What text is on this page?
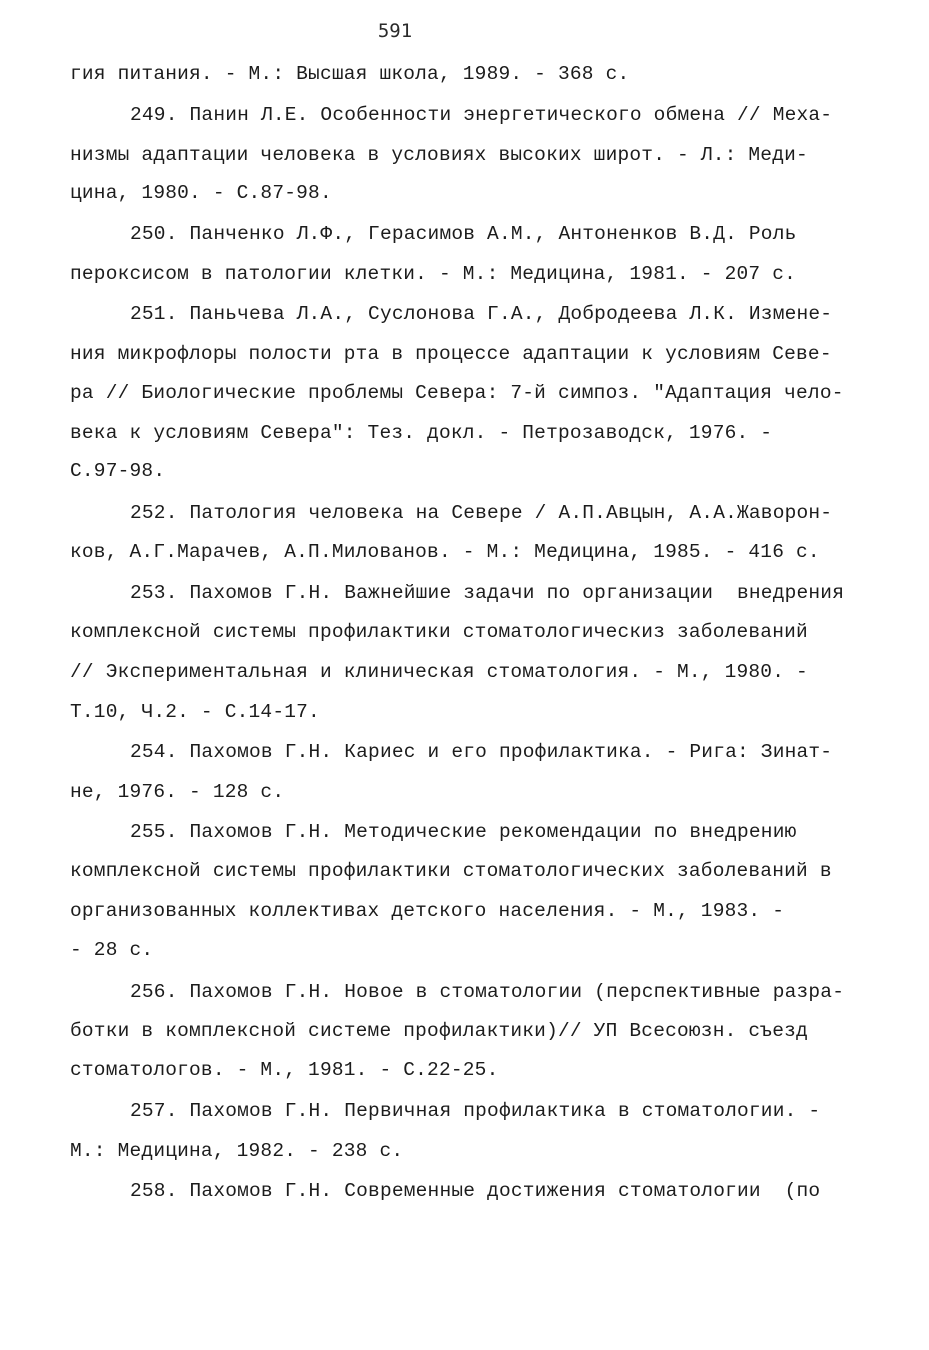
591
гия питания. - М.: Высшая школа, 1989. - 368 с.
249. Панин Л.Е. Особенности энергетического обмена // Меха-
низмы адаптации человека в условиях высоких широт. - Л.: Меди-
цина, 1980. - С.87-98.
250. Панченко Л.Ф., Герасимов А.М., Антоненков В.Д. Роль
пероксисом в патологии клетки. - М.: Медицина, 1981. - 207 с.
251. Паньчева Л.А., Суслонова Г.А., Добродеева Л.К. Измене-
ния микрофлоры полости рта в процессе адаптации к условиям Севе-
ра // Биологические проблемы Севера: 7-й симпоз. "Адаптация чело-
века к условиям Севера": Тез. докл. - Петрозаводск, 1976. -
С.97-98.
252. Патология человека на Севере / А.П.Авцын, А.А.Жаворон-
ков, А.Г.Марачев, А.П.Милованов. - М.: Медицина, 1985. - 416 с.
253. Пахомов Г.Н. Важнейшие задачи по организации  внедрения
комплексной системы профилактики стоматологическиз заболеваний
// Экспериментальная и клиническая стоматология. - М., 1980. -
Т.10, Ч.2. - С.14-17.
254. Пахомов Г.Н. Кариес и его профилактика. - Рига: Зинат-
не, 1976. - 128 с.
255. Пахомов Г.Н. Методические рекомендации по внедрению
комплексной системы профилактики стоматологических заболеваний в
организованных коллективах детского населения. - М., 1983. -
- 28 с.
256. Пахомов Г.Н. Новое в стоматологии (перспективные разра-
ботки в комплексной системе профилактики)// УП Всесоюзн. съезд
стоматологов. - М., 1981. - С.22-25.
257. Пахомов Г.Н. Первичная профилактика в стоматологии. -
М.: Медицина, 1982. - 238 с.
258. Пахомов Г.Н. Современные достижения стоматологии  (по
